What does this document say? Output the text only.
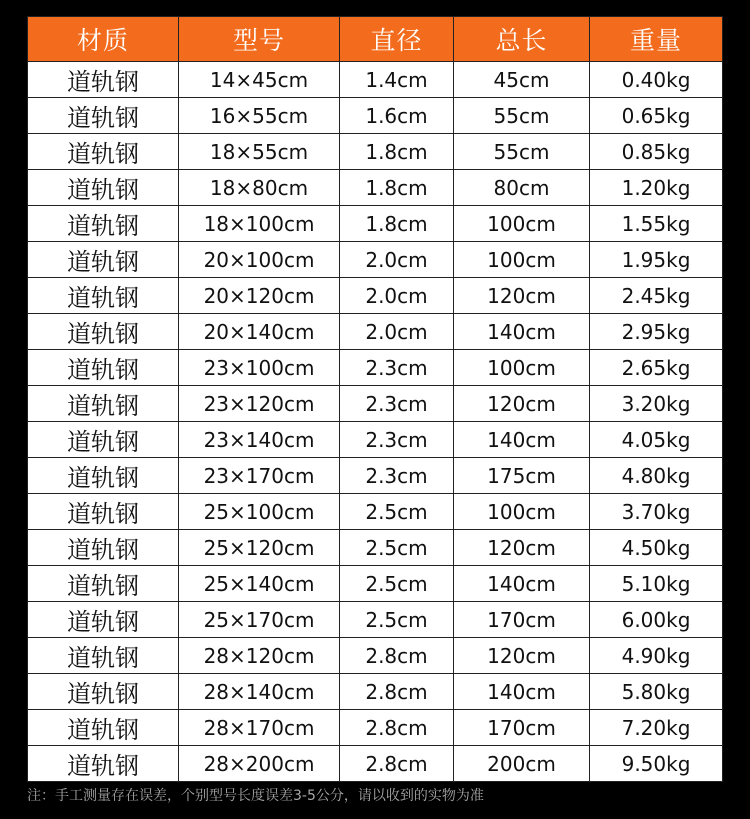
材质	型号	直径	总长	重量
道轨钢	14×45cm	1.4cm	45cm	0.40kg
道轨钢	16×55cm	1.6cm	55cm	0.65kg
道轨钢	18×55cm	1.8cm	55cm	0.85kg
道轨钢	18×80cm	1.8cm	80cm	1.20kg
道轨钢	18×100cm	1.8cm	100cm	1.55kg
道轨钢	20×100cm	2.0cm	100cm	1.95kg
道轨钢	20×120cm	2.0cm	120cm	2.45kg
道轨钢	20×140cm	2.0cm	140cm	2.95kg
道轨钢	23×100cm	2.3cm	100cm	2.65kg
道轨钢	23×120cm	2.3cm	120cm	3.20kg
道轨钢	23×140cm	2.3cm	140cm	4.05kg
道轨钢	23×170cm	2.3cm	175cm	4.80kg
道轨钢	25×100cm	2.5cm	100cm	3.70kg
道轨钢	25×120cm	2.5cm	120cm	4.50kg
道轨钢	25×140cm	2.5cm	140cm	5.10kg
道轨钢	25×170cm	2.5cm	170cm	6.00kg
道轨钢	28×120cm	2.8cm	120cm	4.90kg
道轨钢	28×140cm	2.8cm	140cm	5.80kg
道轨钢	28×170cm	2.8cm	170cm	7.20kg
道轨钢	28×200cm	2.8cm	200cm	9.50kg
注：手工测量存在误差，个别型号长度误差3-5公分，请以收到的实物为准
